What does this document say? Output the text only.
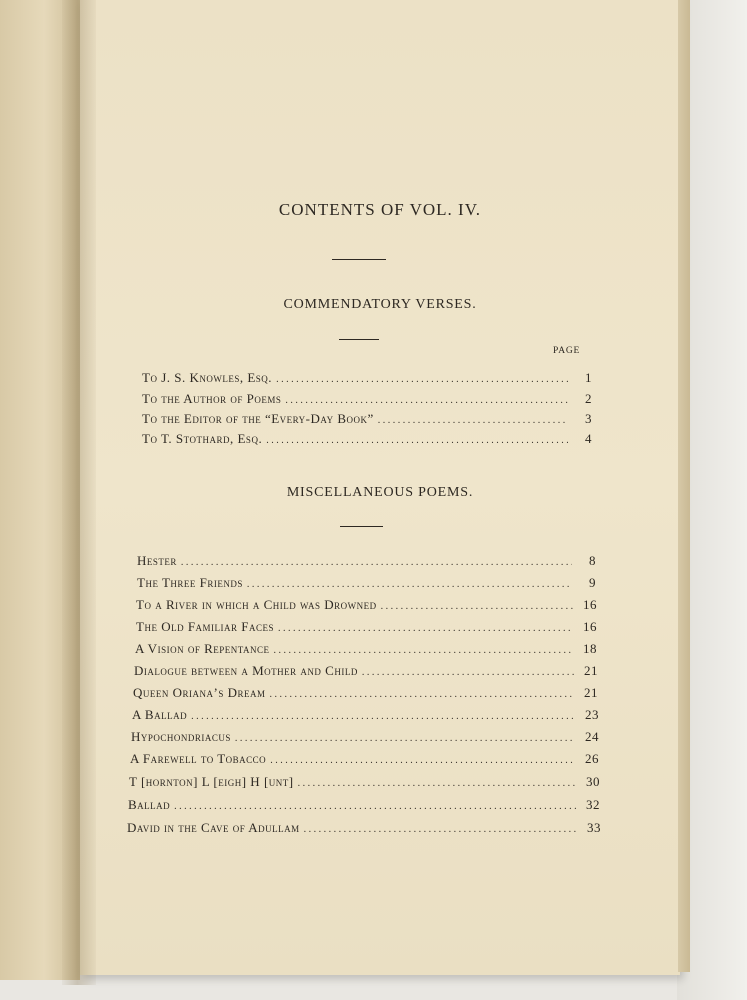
CONTENTS OF VOL. IV.
COMMENDATORY VERSES.
PAGE
To J. S. Knowles, Esq. . . .	1
To the Author of Poems . . .	2
To the Editor of the “Every-Day Book” . . .	3
To T. Stothard, Esq. . . .	4
MISCELLANEOUS POEMS.
Hester . . .	8
The Three Friends . . .	9
To a River in which a Child was Drowned . . .	16
The Old Familiar Faces . . .	16
A Vision of Repentance . . .	18
Dialogue between a Mother and Child . . .	21
Queen Oriana’s Dream . . .	21
A Ballad . . .	23
Hypochondriacus . . .	24
A Farewell to Tobacco . . .	26
T [hornton] L [eigh] H [unt] . . .	30
Ballad . . .	32
David in the Cave of Adullam . . .	33
